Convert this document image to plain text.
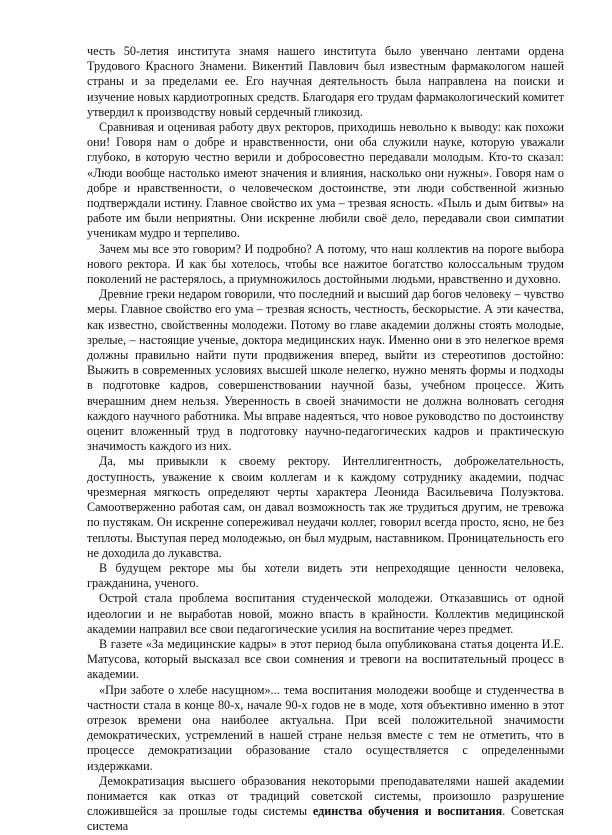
честь 50-летия института знамя нашего института было увенчано лентами ордена Трудового Красного Знамени. Викентий Павлович был известным фармакологом нашей страны и за пределами ее. Его научная деятельность была направлена на поиски и изучение новых кардиотропных средств. Благодаря его трудам фармакологический комитет утвердил к производству новый сердечный гликозид.

Сравнивая и оценивая работу двух ректоров, приходишь невольно к выводу: как похожи они! Говоря нам о добре и нравственности, они оба служили науке, которую уважали глубоко, в которую честно верили и добросовестно передавали молодым. Кто-то сказал: «Люди вообще настолько имеют значения и влияния, насколько они нужны». Говоря нам о добре и нравственности, о человеческом достоинстве, эти люди собственной жизнью подтверждали истину. Главное свойство их ума – трезвая ясность. «Пыль и дым битвы» на работе им были неприятны. Они искренне любили своё дело, передавали свои симпатии ученикам мудро и терпеливо.

Зачем мы все это говорим? И подробно? А потому, что наш коллектив на пороге выбора нового ректора. И как бы хотелось, чтобы все нажитое богатство колоссальным трудом поколений не растерялось, а приумножилось достойными людьми, нравственно и духовно.

Древние греки недаром говорили, что последний и высший дар богов человеку – чувство меры. Главное свойство его ума – трезвая ясность, честность, бескорыстие. А эти качества, как известно, свойственны молодежи. Потому во главе академии должны стоять молодые, зрелые, – настоящие ученые, доктора медицинских наук. Именно они в это нелегкое время должны правильно найти пути продвижения вперед, выйти из стереотипов достойно: Выжить в современных условиях высшей школе нелегко, нужно менять формы и подходы в подготовке кадров, совершенствовании научной базы, учебном процессе. Жить вчерашним днем нельзя. Уверенность в своей значимости не должна волновать сегодня каждого научного работника. Мы вправе надеяться, что новое руководство по достоинству оценит вложенный труд в подготовку научно-педагогических кадров и практическую значимость каждого из них.

Да, мы привыкли к своему ректору. Интеллигентность, доброжелательность, доступность, уважение к своим коллегам и к каждому сотруднику академии, подчас чрезмерная мягкость определяют черты характера Леонида Васильевича Полуэктова. Самоотверженно работая сам, он давал возможность так же трудиться другим, не тревожа по пустякам. Он искренне сопереживал неудачи коллег, говорил всегда просто, ясно, не без теплоты. Выступая перед молодежью, он был мудрым, наставником. Проницательность его не доходила до лукавства.

В будущем ректоре мы бы хотели видеть эти непреходящие ценности человека, гражданина, ученого.

Острой стала проблема воспитания студенческой молодежи. Отказавшись от одной идеологии и не выработав новой, можно впасть в крайности. Коллектив медицинской академии направил все свои педагогические усилия на воспитание через предмет.

В газете «За медицинские кадры» в этот период была опубликована статья доцента И.Е. Матусова, который высказал все свои сомнения и тревоги на воспитательный процесс в академии.

«При заботе о хлебе насущном»... тема воспитания молодежи вообще и студенчества в частности стала в конце 80-х, начале 90-х годов не в моде, хотя объективно именно в этот отрезок времени она наиболее актуальна. При всей положительной значимости демократических, устремлений в нашей стране нельзя вместе с тем не отметить, что в процессе демократизации образование стало осуществляется с определенными издержками.

Демократизация высшего образования некоторыми преподавателями нашей академии понимается как отказ от традиций советской системы, произошло разрушение сложившейся за прошлые годы системы единства обучения и воспитания. Советская система
